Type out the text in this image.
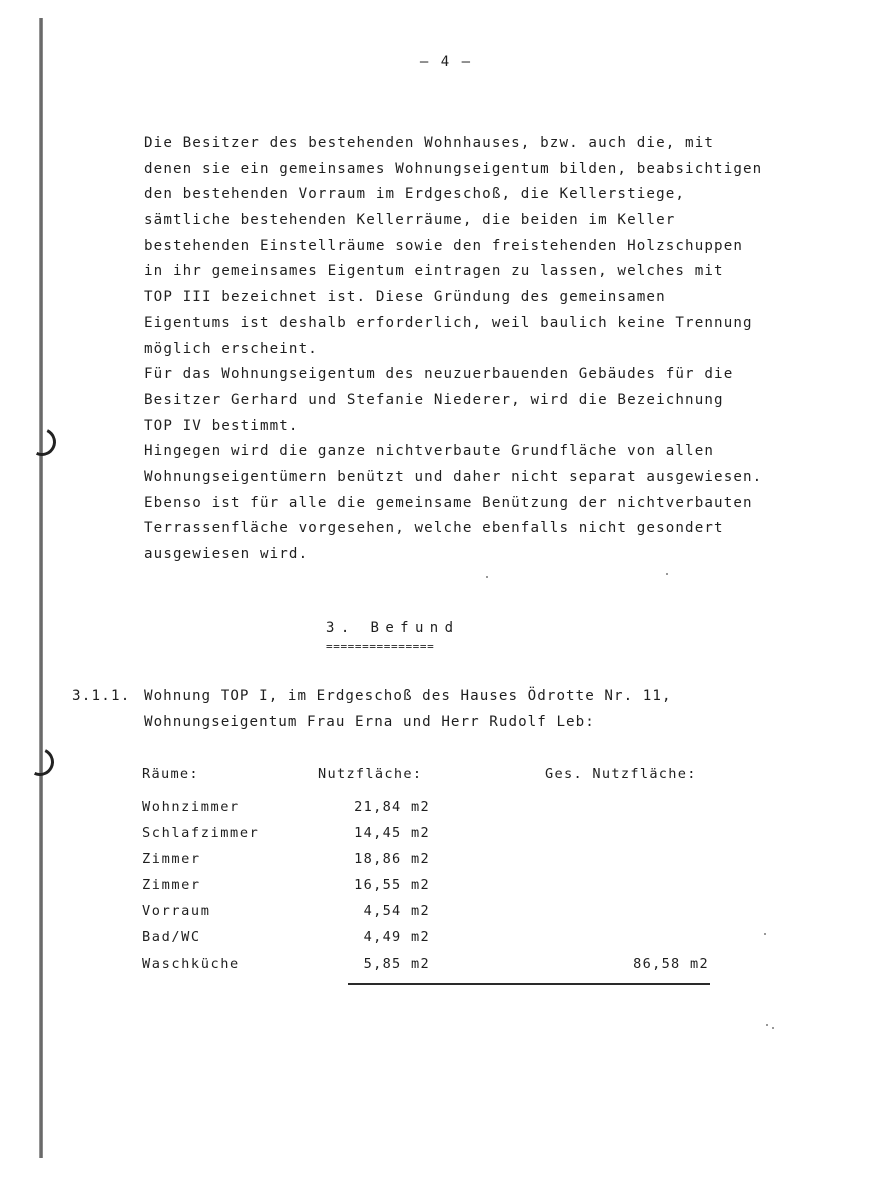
– 4 –
Die Besitzer des bestehenden Wohnhauses, bzw. auch die, mit
denen sie ein gemeinsames Wohnungseigentum bilden, beabsichtigen
den bestehenden Vorraum im Erdgeschoß, die Kellerstiege,
sämtliche bestehenden Kellerräume, die beiden im Keller
bestehenden Einstellräume sowie den freistehenden Holzschuppen
in ihr gemeinsames Eigentum eintragen zu lassen, welches mit
TOP III bezeichnet ist. Diese Gründung des gemeinsamen
Eigentums ist deshalb erforderlich, weil baulich keine Trennung
möglich erscheint.
Für das Wohnungseigentum des neuzuerbauenden Gebäudes für die
Besitzer Gerhard und Stefanie Niederer, wird die Bezeichnung
TOP IV bestimmt.
Hingegen wird die ganze nichtverbaute Grundfläche von allen
Wohnungseigentümern benützt und daher nicht separat ausgewiesen.
Ebenso ist für alle die gemeinsame Benützung der nichtverbauten
Terrassenfläche vorgesehen, welche ebenfalls nicht gesondert
ausgewiesen wird.
3. Befund
===============
3.1.1. Wohnung TOP I, im Erdgeschoß des Hauses Ödrotte Nr. 11,
Wohnungseigentum Frau Erna und Herr Rudolf Leb:
Räume:	Nutzfläche:	Ges. Nutzfläche:
Wohnzimmer	21,84 m2
Schlafzimmer	14,45 m2
Zimmer	18,86 m2
Zimmer	16,55 m2
Vorraum	4,54 m2
Bad/WC	4,49 m2
Waschküche	5,85 m2	86,58 m2
